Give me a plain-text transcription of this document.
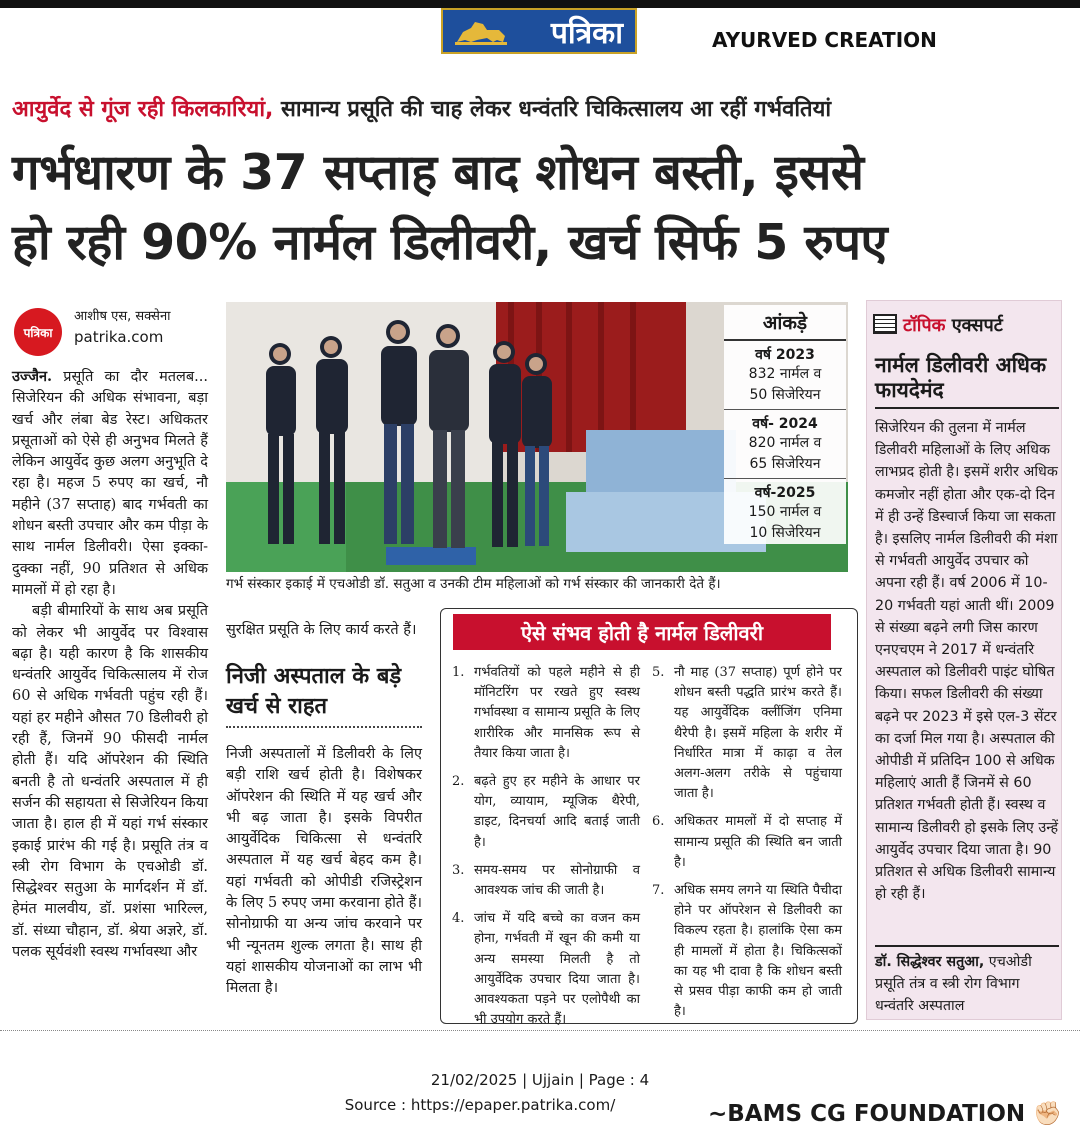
पत्रिका	AYURVED CREATION
आयुर्वेद से गूंज रही किलकारियां, सामान्य प्रसूति की चाह लेकर धन्वंतरि चिकित्सालय आ रहीं गर्भवतियां
गर्भधारण के 37 सप्ताह बाद शोधन बस्ती, इससे
हो रही 90% नार्मल डिलीवरी, खर्च सिर्फ 5 रुपए
पत्रिका
आशीष एस, सक्सेना
patrika.com

उज्जैन. प्रसूति का दौर मतलब... सिजेरियन की अधिक संभावना, बड़ा खर्च और लंबा बेड रेस्ट। अधिकतर प्रसूताओं को ऐसे ही अनुभव मिलते हैं लेकिन आयुर्वेद कुछ अलग अनुभूति दे रहा है। महज 5 रुपए का खर्च, नौ महीने (37 सप्ताह) बाद गर्भवती का शोधन बस्ती उपचार और कम पीड़ा के साथ नार्मल डिलीवरी। ऐसा इक्का-दुक्का नहीं, 90 प्रतिशत से अधिक मामलों में हो रहा है।

बड़ी बीमारियों के साथ अब प्रसूति को लेकर भी आयुर्वेद पर विश्वास बढ़ा है। यही कारण है कि शासकीय धन्वंतरि आयुर्वेद चिकित्सालय में रोज 60 से अधिक गर्भवती पहुंच रही हैं। यहां हर महीने औसत 70 डिलीवरी हो रही हैं, जिनमें 90 फीसदी नार्मल होती हैं। यदि ऑपरेशन की स्थिति बनती है तो धन्वंतरि अस्पताल में ही सर्जन की सहायता से सिजेरियन किया जाता है। हाल ही में यहां गर्भ संस्कार इकाई प्रारंभ की गई है। प्रसूति तंत्र व स्त्री रोग विभाग के एचओडी डॉ. सिद्धेश्वर सतुआ के मार्गदर्शन में डॉ. हेमंत मालवीय, डॉ. प्रशंसा भारिल्ल, डॉ. संध्या चौहान, डॉ. श्रेया अज्ञरे, डॉ. पलक सूर्यवंशी स्वस्थ गर्भावस्था और

आंकड़े
वर्ष 2023
832 नार्मल व
50 सिजेरियन
वर्ष- 2024
820 नार्मल व
65 सिजेरियन
वर्ष-2025
150 नार्मल व
10 सिजेरियन
गर्भ संस्कार इकाई में एचओडी डॉ. सतुआ व उनकी टीम महिलाओं को गर्भ संस्कार की जानकारी देते हैं।
टॉपिक एक्सपर्ट
नार्मल डिलीवरी अधिक फायदेमंद
सिजेरियन की तुलना में नार्मल डिलीवरी महिलाओं के लिए अधिक लाभप्रद होती है। इसमें शरीर अधिक कमजोर नहीं होता और एक-दो दिन में ही उन्हें डिस्चार्ज किया जा सकता है। इसलिए नार्मल डिलीवरी की मंशा से गर्भवती आयुर्वेद उपचार को अपना रही हैं। वर्ष 2006 में 10-20 गर्भवती यहां आती थीं। 2009 से संख्या बढ़ने लगी जिस कारण एनएचएम ने 2017 में धन्वंतरि अस्पताल को डिलीवरी पाइंट घोषित किया। सफल डिलीवरी की संख्या बढ़ने पर 2023 में इसे एल-3 सेंटर का दर्जा मिल गया है। अस्पताल की ओपीडी में प्रतिदिन 100 से अधिक महिलाएं आती हैं जिनमें से 60 प्रतिशत गर्भवती होती हैं। स्वस्थ व सामान्य डिलीवरी हो इसके लिए उन्हें आयुर्वेद उपचार दिया जाता है। 90 प्रतिशत से अधिक डिलीवरी सामान्य हो रही हैं।
डॉ. सिद्धेश्वर सतुआ, एचओडी प्रसूति तंत्र व स्त्री रोग विभाग धन्वंतरि अस्पताल
सुरक्षित प्रसूति के लिए कार्य करते हैं।
निजी अस्पताल के बड़े खर्च से राहत
निजी अस्पतालों में डिलीवरी के लिए बड़ी राशि खर्च होती है। विशेषकर ऑपरेशन की स्थिति में यह खर्च और भी बढ़ जाता है। इसके विपरीत आयुर्वेदिक चिकित्सा से धन्वंतरि अस्पताल में यह खर्च बेहद कम है। यहां गर्भवती को ओपीडी रजिस्ट्रेशन के लिए 5 रुपए जमा करवाना होते हैं। सोनोग्राफी या अन्य जांच करवाने पर भी न्यूनतम शुल्क लगता है। साथ ही यहां शासकीय योजनाओं का लाभ भी मिलता है।
ऐसे संभव होती है नार्मल डिलीवरी
1. गर्भवतियों को पहले महीने से ही मॉनिटरिंग पर रखते हुए स्वस्थ गर्भावस्था व सामान्य प्रसूति के लिए शारीरिक और मानसिक रूप से तैयार किया जाता है।
2. बढ़ते हुए हर महीने के आधार पर योग, व्यायाम, म्यूजिक थैरेपी, डाइट, दिनचर्या आदि बताई जाती है।
3. समय-समय पर सोनोग्राफी व आवश्यक जांच की जाती है।
4. जांच में यदि बच्चे का वजन कम होना, गर्भवती में खून की कमी या अन्य समस्या मिलती है तो आयुर्वेदिक उपचार दिया जाता है। आवश्यकता पड़ने पर एलोपैथी का भी उपयोग करते हैं।
5. नौ माह (37 सप्ताह) पूर्ण होने पर शोधन बस्ती पद्धति प्रारंभ करते हैं। यह आयुर्वेदिक क्लींजिंग एनिमा थैरेपी है। इसमें महिला के शरीर में निर्धारित मात्रा में काढ़ा व तेल अलग-अलग तरीके से पहुंचाया जाता है।
6. अधिकतर मामलों में दो सप्ताह में सामान्य प्रसूति की स्थिति बन जाती है।
7. अधिक समय लगने या स्थिति पैचीदा होने पर ऑपरेशन से डिलीवरी का विकल्प रहता है। हालांकि ऐसा कम ही मामलों में होता है। चिकित्सकों का यह भी दावा है कि शोधन बस्ती से प्रसव पीड़ा काफी कम हो जाती है।
21/02/2025 | Ujjain | Page : 4
Source : https://epaper.patrika.com/	~BAMS CG FOUNDATION ✊🏻
